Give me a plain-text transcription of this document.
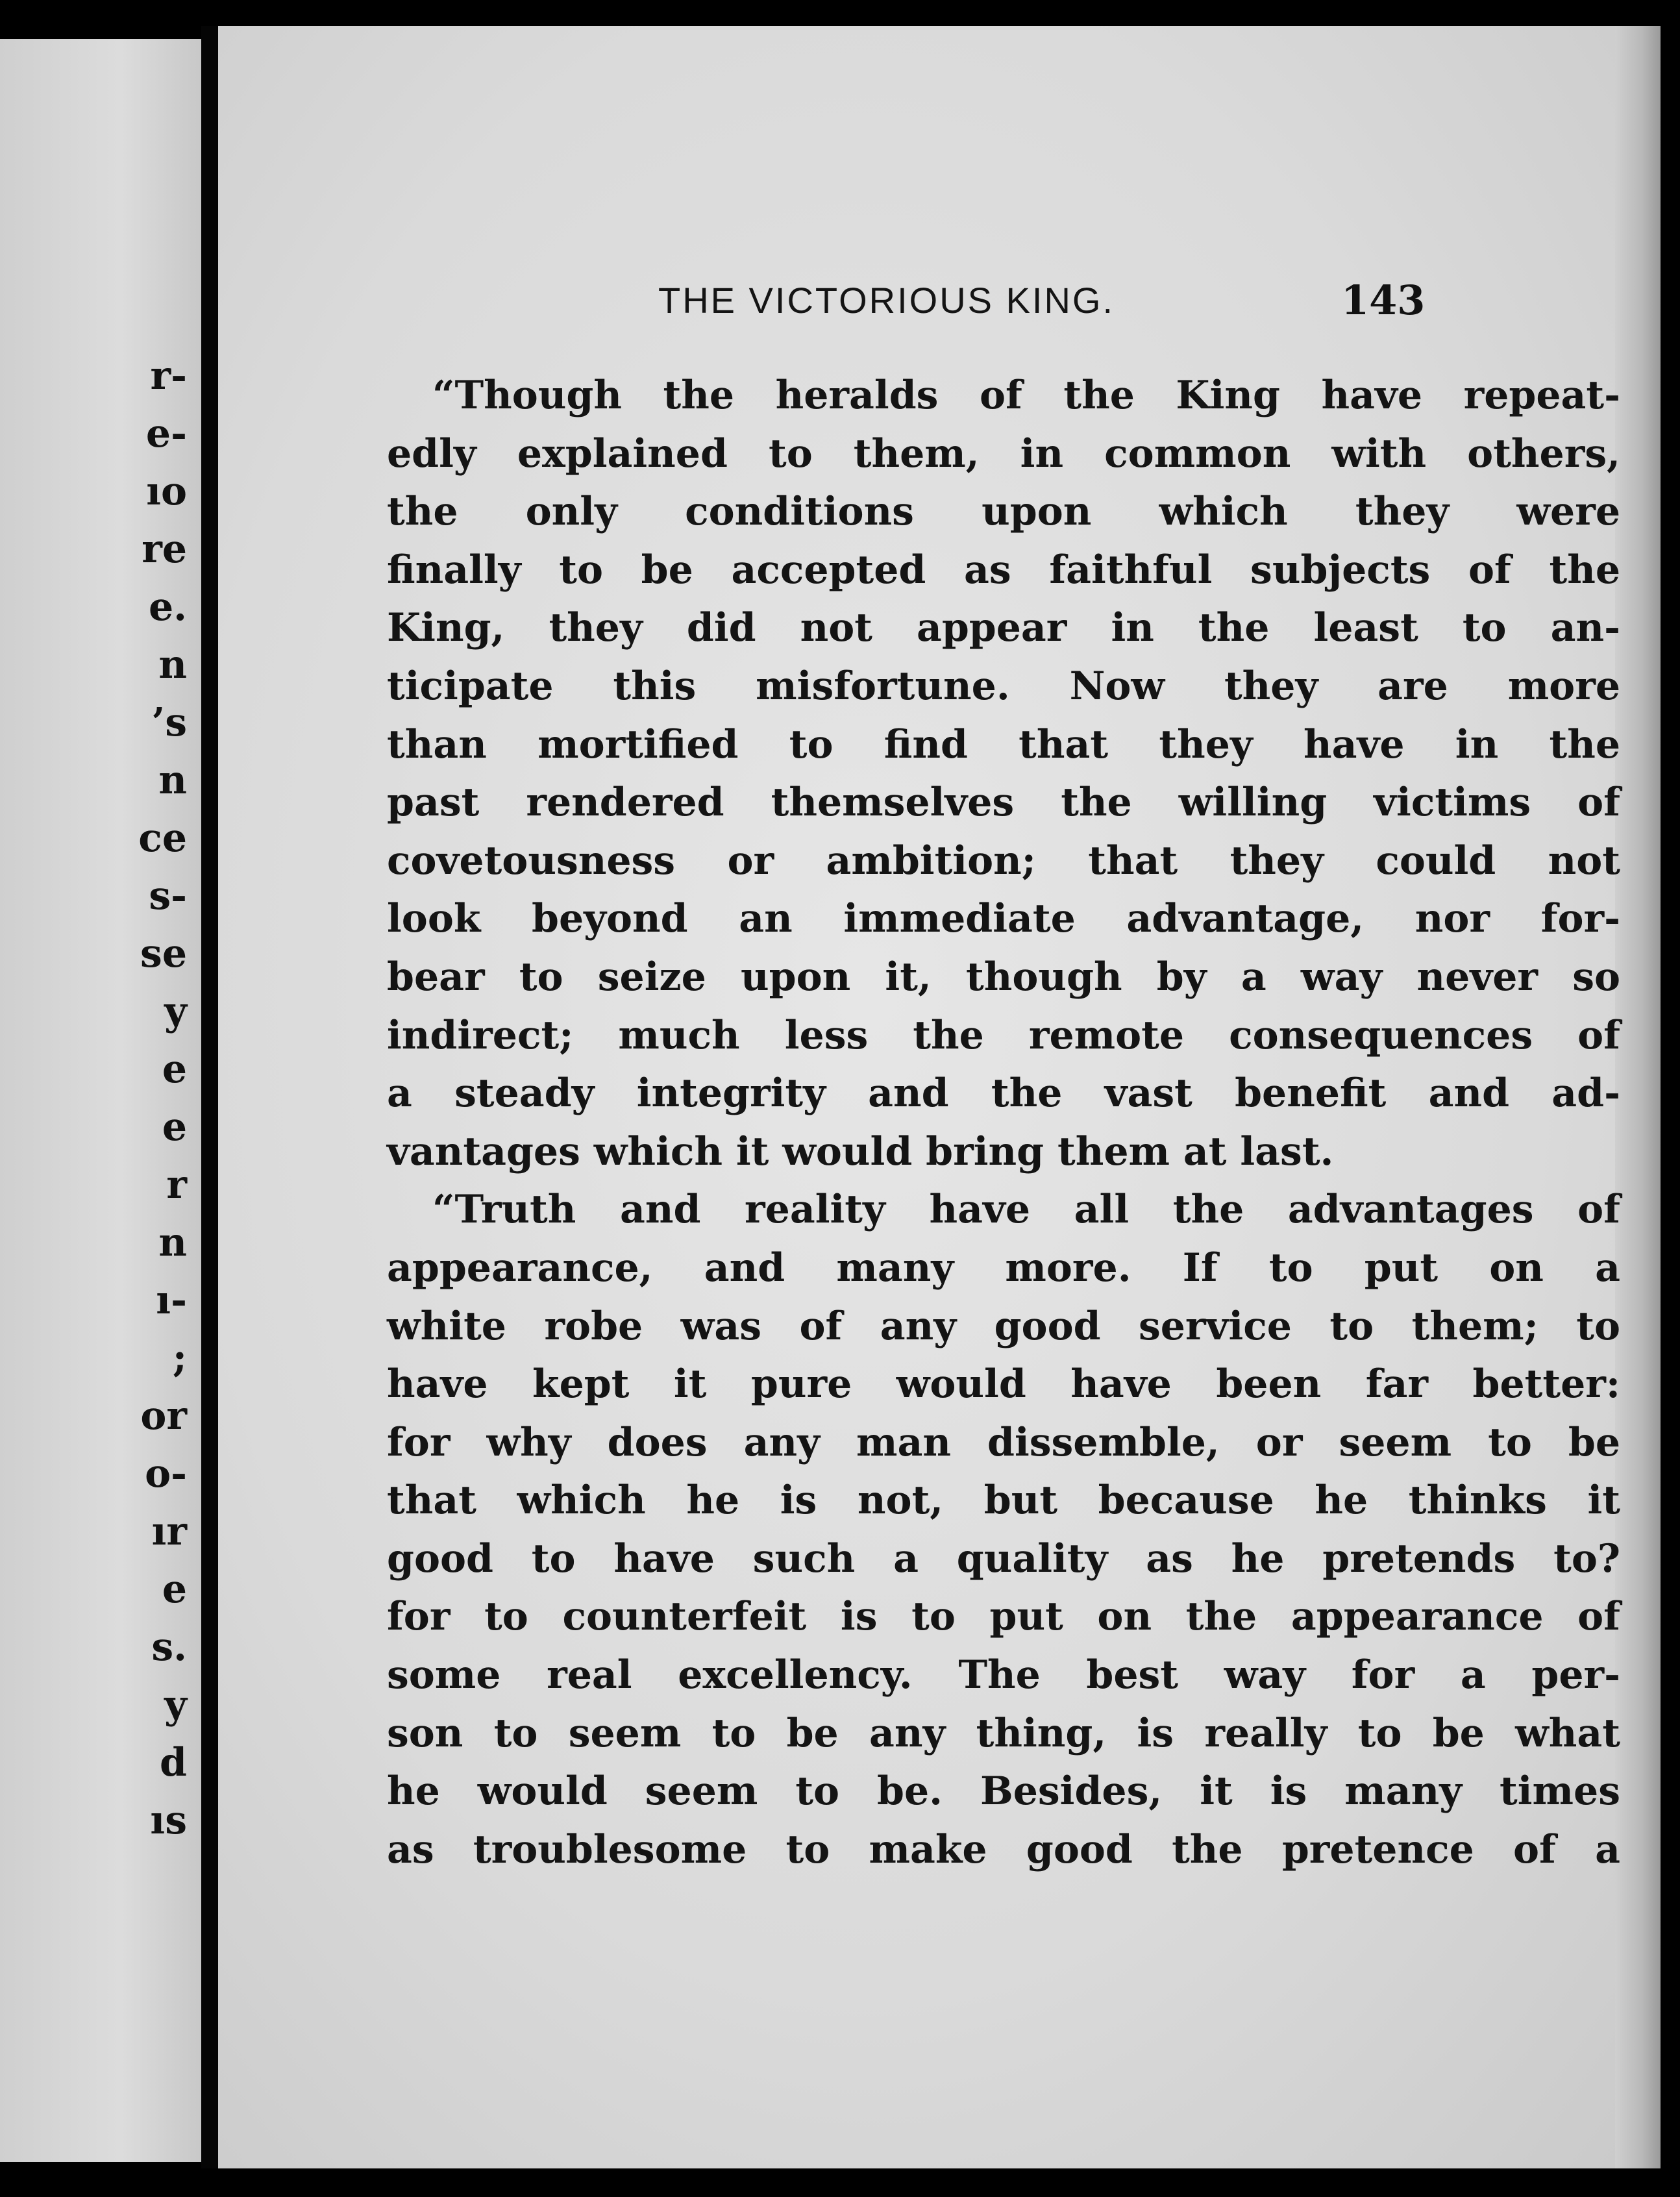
r-
e-
ıo
re
e.
n
’s
n
ce
s-
se
y
e
e
r
n
ı-
;
or
o-
ır
e
s.
y
d
ıs
THE VICTORIOUS KING.	143
“Though the heralds of the King have repeat-
edly explained to them, in common with others,
the only conditions upon which they were
finally to be accepted as faithful subjects of the
King, they did not appear in the least to an-
ticipate this misfortune. Now they are more
than mortified to find that they have in the
past rendered themselves the willing victims of
covetousness or ambition; that they could not
look beyond an immediate advantage, nor for-
bear to seize upon it, though by a way never so
indirect; much less the remote consequences of
a steady integrity and the vast benefit and ad-
vantages which it would bring them at last.
“Truth and reality have all the advantages of
appearance, and many more. If to put on a
white robe was of any good service to them; to
have kept it pure would have been far better:
for why does any man dissemble, or seem to be
that which he is not, but because he thinks it
good to have such a quality as he pretends to?
for to counterfeit is to put on the appearance of
some real excellency. The best way for a per-
son to seem to be any thing, is really to be what
he would seem to be. Besides, it is many times
as troublesome to make good the pretence of a
